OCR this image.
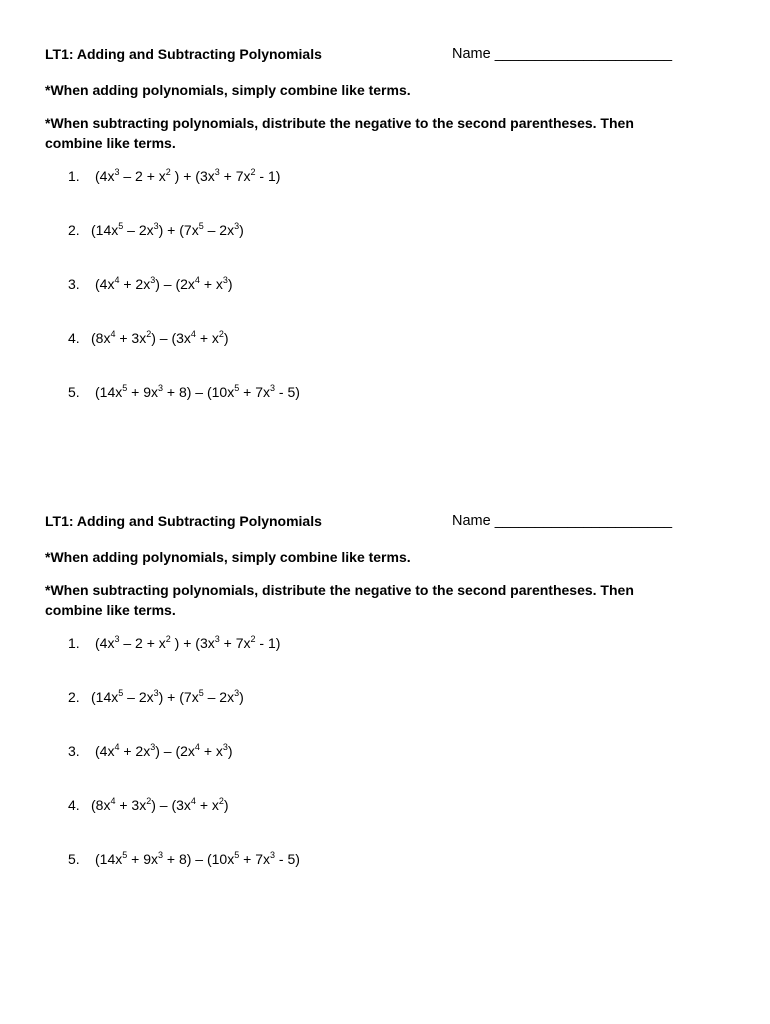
LT1: Adding and Subtracting Polynomials	Name ______________________
*When adding polynomials, simply combine like terms.
*When subtracting polynomials, distribute the negative to the second parentheses. Then combine like terms.
1. ($4x^3 - 2 + x^2$ ) + $(3x^3 + 7x^2 - 1)$
2. $(14x^5 - 2x^3) + (7x^5 - 2x^3)$
3. $(4x^4 + 2x^3) - (2x^4 + x^3)$
4. $(8x^4 + 3x^2) - (3x^4 + x^2)$
5. $(14x^5 + 9x^3 + 8) - (10x^5 + 7x^3 - 5)$
LT1: Adding and Subtracting Polynomials	Name ______________________
*When adding polynomials, simply combine like terms.
*When subtracting polynomials, distribute the negative to the second parentheses. Then combine like terms.
1. ($4x^3 - 2 + x^2$ ) + $(3x^3 + 7x^2 - 1)$
2. $(14x^5 - 2x^3) + (7x^5 - 2x^3)$
3. $(4x^4 + 2x^3) - (2x^4 + x^3)$
4. $(8x^4 + 3x^2) - (3x^4 + x^2)$
5. $(14x^5 + 9x^3 + 8) - (10x^5 + 7x^3 - 5)$
